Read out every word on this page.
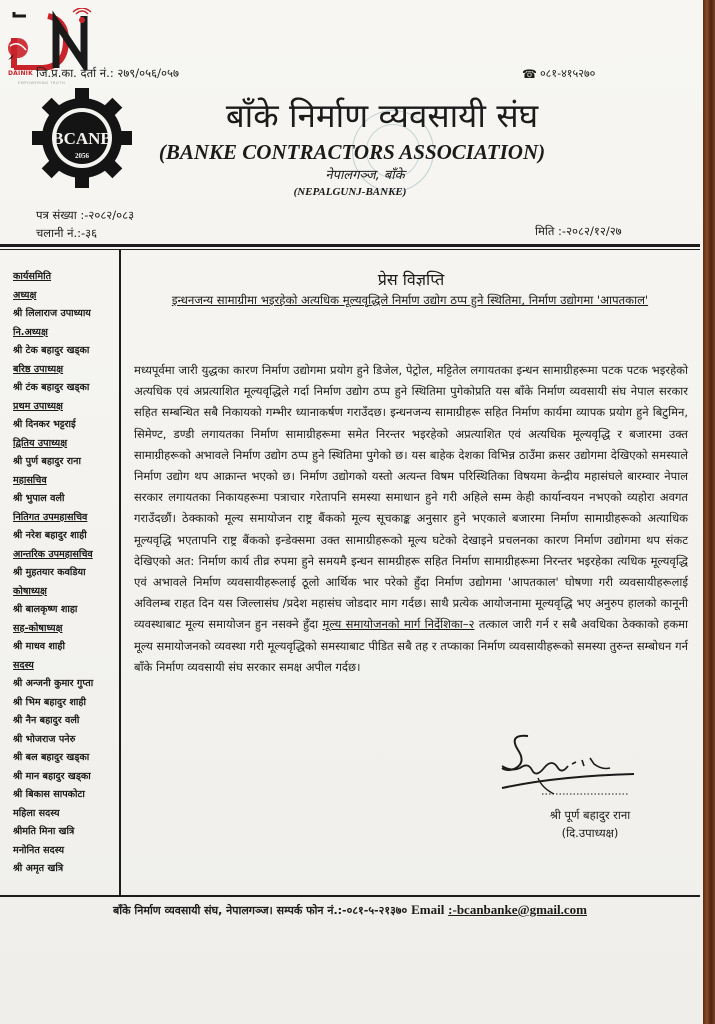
DAINIK
EMPOWERING TRUTH
जि.प्र.का. दर्ता नं.: २७९/०५६/०५७	☎ ०८१-४१५२७०
BCANB
2056
बाँके निर्माण व्यवसायी संघ
(BANKE CONTRACTORS ASSOCIATION)
नेपालगञ्ज, बाँके
(NEPALGUNJ-BANKE)
पत्र संख्या :-२०८२/०८३
चलानी नं.:-३६	मिति :-२०८२/१२/२७
कार्यसमिति
अध्यक्ष
श्री लिलाराज उपाध्याय
नि.अध्यक्ष
श्री टेक बहादुर खड्का
बरिष्ठ उपाध्यक्ष
श्री टंक बहादुर खड्का
प्रथम उपाध्यक्ष
श्री दिनकर भट्टराई
द्वितिय उपाध्यक्ष
श्री पुर्ण बहादुर राना
महासचिव
श्री भुपाल वली
नितिगत उपमहासचिव
श्री नरेश बहादुर शाही
आन्तरिक उपमहासचिव
श्री मुहतयार कवडिया
कोषाध्यक्ष
श्री बालकृष्ण शाहा
सह-कोषाध्यक्ष
श्री माधव शाही
सदस्य
श्री अन्जनी कुमार गुप्ता
श्री भिम बहादुर शाही
श्री नैन बहादुर वली
श्री भोजराज पनेरु
श्री बल बहादुर खड्का
श्री मान बहादुर खड्का
श्री बिकास सापकोटा
महिला सदस्य
श्रीमति मिना खत्रि
मनोनित सदस्य
श्री अमृत खत्रि
प्रेस विज्ञप्ति
इन्धनजन्य सामाग्रीमा भइरहेको अत्यधिक मूल्यवृद्धिले निर्माण उद्योग ठप्प हुने स्थितिमा, निर्माण उद्योगमा 'आपतकाल'
मध्यपूर्वमा जारी युद्धका कारण निर्माण उद्योगमा प्रयोग हुने डिजेल, पेट्रोल, मट्टितेल लगायतका इन्धन सामाग्रीहरूमा पटक पटक भइरहेको अत्यधिक एवं अप्रत्याशित मूल्यवृद्धिले गर्दा निर्माण उद्योग ठप्प हुने स्थितिमा पुगेकोप्रति यस बाँके निर्माण व्यवसायी संघ नेपाल सरकार सहित सम्बन्धित सबै निकायको गम्भीर ध्यानाकर्षण गराउँदछ। इन्धनजन्य सामाग्रीहरू सहित निर्माण कार्यमा व्यापक प्रयोग हुने बिटुमिन, सिमेण्ट, डण्डी लगायतका निर्माण सामाग्रीहरूमा समेत निरन्तर भइरहेको अप्रत्याशित एवं अत्यधिक मूल्यवृद्धि र बजारमा उक्त सामाग्रीहरूको अभावले निर्माण उद्योग ठप्प हुने स्थितिमा पुगेको छ। यस बाहेक देशका विभिन्न ठाउँमा क्रसर उद्योगमा देखिएको समस्याले निर्माण उद्योग थप आक्रान्त भएको छ। निर्माण उद्योगको यस्तो अत्यन्त विषम परिस्थितिका विषयमा केन्द्रीय महासंघले बारम्वार नेपाल सरकार लगायतका निकायहरूमा पत्राचार गरेतापनि समस्या समाधान हुने गरी अहिले सम्म केही कार्यान्वयन नभएको व्यहोरा अवगत गराउँदछौं। ठेक्काको मूल्य समायोजन राष्ट्र बैंकको मूल्य सूचकाङ्क अनुसार हुने भएकाले बजारमा निर्माण सामाग्रीहरूको अत्याधिक मूल्यवृद्धि भएतापनि राष्ट्र बैंकको इन्डेक्समा उक्त सामाग्रीहरूको मूल्य घटेको देखाइने प्रचलनका कारण निर्माण उद्योगमा थप संकट देखिएको अत: निर्माण कार्य तीव्र रुपमा हुने समयमै इन्धन सामग्रीहरू सहित निर्माण सामाग्रीहरूमा निरन्तर भइरहेका त्यधिक मूल्यवृद्धि एवं अभावले निर्माण व्यवसायीहरूलाई ठूलो आर्थिक भार परेको हुँदा निर्माण उद्योगमा 'आपतकाल' घोषणा गरी व्यवसायीहरूलाई अविलम्ब राहत दिन यस जिल्लासंघ /प्रदेश महासंघ जोडदार माग गर्दछ। साथै प्रत्येक आयोजनामा मूल्यवृद्धि भए अनुरुप हालको कानूनी व्यवस्थाबाट मूल्य समायोजन हुन नसक्ने हुँदा मूल्य समायोजनको मार्ग निर्देशिका–२ तत्काल जारी गर्न र सबै अवधिका ठेक्काको हकमा मूल्य समायोजनको व्यवस्था गरी मूल्यवृद्धिको समस्याबाट पीडित सबै तह र तप्काका निर्माण व्यवसायीहरूको समस्या तुरुन्त सम्बोधन गर्न बाँके निर्माण व्यवसायी संघ सरकार समक्ष अपील गर्दछ।
श्री पूर्ण बहादुर राना
(दि.उपाध्यक्ष)
बाँके निर्माण व्यवसायी संघ, नेपालगञ्ज। सम्पर्क फोन नं.:-०८१-५-२१३७० Email :-bcanbanke@gmail.com
